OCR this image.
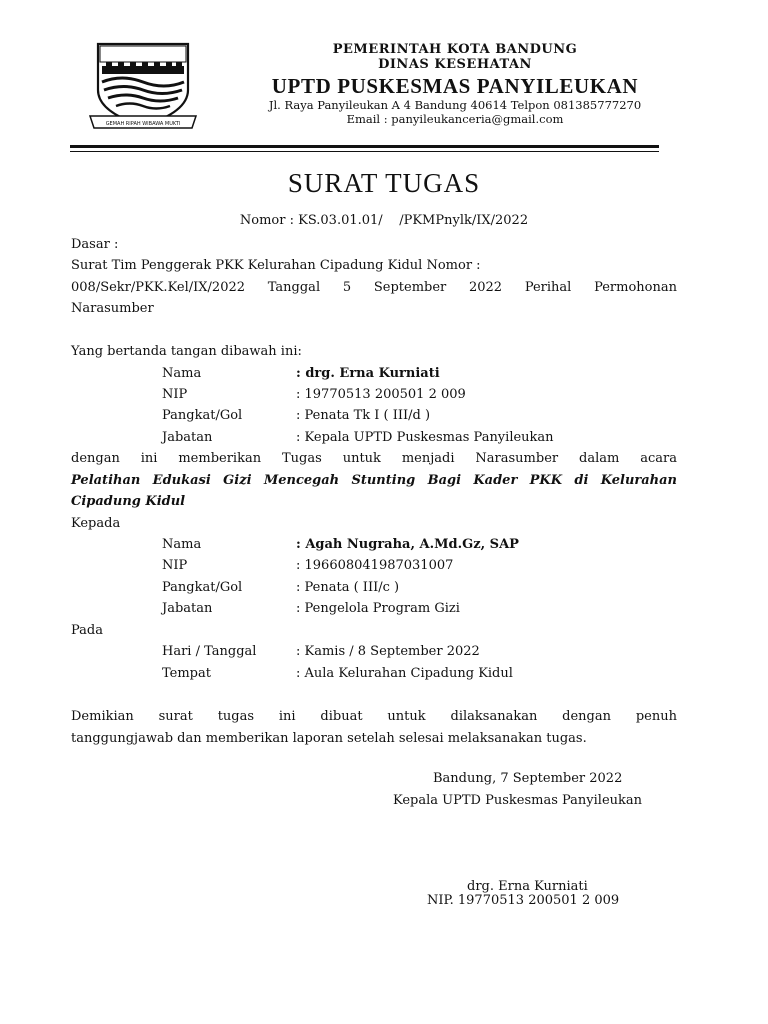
GEMAH RIPAH WIBAWA MUKTI
PEMERINTAH KOTA BANDUNG
DINAS KESEHATAN
UPTD PUSKESMAS PANYILEUKAN
Jl. Raya Panyileukan A 4 Bandung 40614 Telpon 081385777270
Email : panyileukanceria@gmail.com
SURAT TUGAS
Nomor : KS.03.01.01/    /PKMPnylk/IX/2022
Dasar :
Surat Tim Penggerak PKK Kelurahan Cipadung Kidul Nomor :
008/Sekr/PKK.Kel/IX/2022 Tanggal 5 September 2022 Perihal Permohonan
Narasumber
Yang bertanda tangan dibawah ini:
Nama	: drg. Erna Kurniati
NIP	: 19770513 200501 2 009
Pangkat/Gol	: Penata Tk I ( III/d )
Jabatan	: Kepala UPTD Puskesmas Panyileukan
dengan ini memberikan Tugas untuk menjadi Narasumber dalam acara
Pelatihan Edukasi Gizi Mencegah Stunting Bagi Kader PKK di Kelurahan
Cipadung Kidul
Kepada
Nama	: Agah Nugraha, A.Md.Gz, SAP
NIP	: 196608041987031007
Pangkat/Gol	: Penata ( III/c )
Jabatan	: Pengelola Program Gizi
Pada
Hari / Tanggal	: Kamis / 8 September 2022
Tempat	: Aula Kelurahan Cipadung Kidul
Demikian surat tugas ini dibuat untuk dilaksanakan dengan penuh
tanggungjawab dan memberikan laporan setelah selesai melaksanakan tugas.
Bandung, 7 September 2022
Kepala UPTD Puskesmas Panyileukan
drg. Erna Kurniati
NIP. 19770513 200501 2 009
